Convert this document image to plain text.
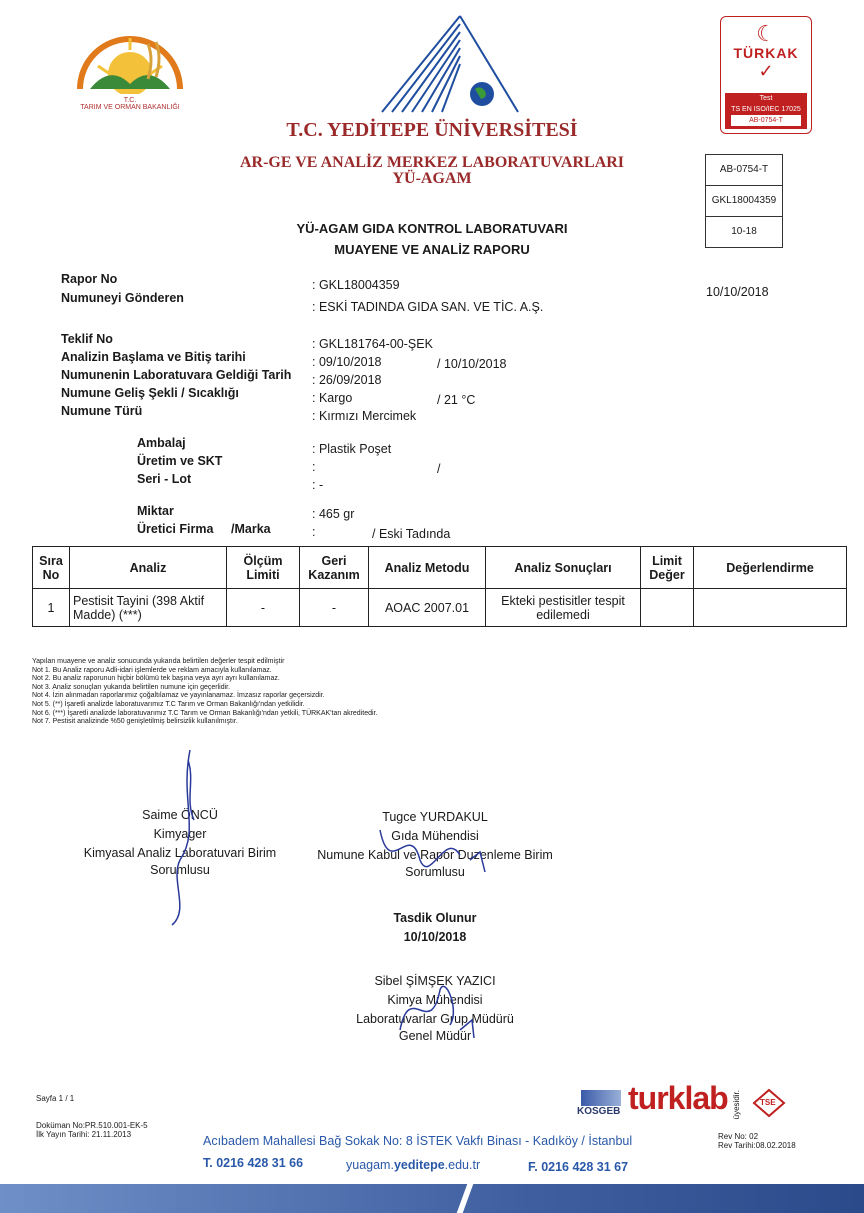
T.C.
TARIM VE ORMAN BAKANLIĞI
☾
TÜRKAK
✓
Test
TS EN ISO/IEC 17025
AB-0754-T
T.C. YEDİTEPE ÜNİVERSİTESİ
AR-GE VE ANALİZ MERKEZ LABORATUVARLARI
YÜ-AGAM
AB-0754-T
GKL18004359
10-18
YÜ-AGAM GIDA KONTROL LABORATUVARI
MUAYENE VE ANALİZ RAPORU
Rapor No	: GKL18004359	10/10/2018
Numuneyi Gönderen
: ESKİ TADINDA GIDA SAN. VE TİC. A.Ş.
Teklif No	: GKL181764-00-ŞEK
Analizin Başlama ve Bitiş tarihi	: 09/10/2018	/ 10/10/2018
Numunenin Laboratuvara Geldiği Tarih : 26/09/2018
Numune Geliş Şekli / Sıcaklığı	: Kargo	/ 21 °C
Numune Türü	: Kırmızı Mercimek
Ambalaj	: Plastik Poşet
Üretim ve SKT	:	/
Seri - Lot	: -
Miktar	: 465 gr
Üretici Firma /Marka	:	/ Eski Tadında
Sıra No	Analiz	Ölçüm Limiti	Geri Kazanım	Analiz Metodu	Analiz Sonuçları	Limit Değer	Değerlendirme
1	Pestisit Tayini (398 Aktif Madde) (***)	-	-	AOAC 2007.01	Ekteki pestisitler tespit edilemedi		
Yapılan muayene ve analiz sonucunda yukarıda belirtilen değerler tespit edilmiştir
Not 1. Bu Analiz raporu Adli-idari işlemlerde ve reklam amacıyla kullanılamaz.
Not 2. Bu analiz raporunun hiçbir bölümü tek başına veya ayrı ayrı kullanılamaz.
Not 3. Analiz sonuçları yukarıda belirtilen numune için geçerlidir.
Not 4. İzin alınmadan raporlarımız çoğaltılamaz ve yayınlanamaz. İmzasız raporlar geçersizdir.
Not 5. (**) İşaretli analizde laboratuvarımız T.C Tarım ve Orman Bakanlığı'ndan yetkilidir.
Not 6. (***) İşaretli analizde laboratuvarımız T.C Tarım ve Orman Bakanlığı'ndan yetkili, TÜRKAK'tan akreditedir.
Not 7. Pestisit analizinde %50 genişletilmiş belirsizlik kullanılmıştır.
Saime ÖNCÜ
Kimyager
Kimyasal Analiz Laboratuvari Birim
Sorumlusu
Tugce YURDAKUL
Gıda Mühendisi
Numune Kabul ve Rapor Duzenleme Birim
Sorumlusu
Tasdik Olunur
10/10/2018
Sibel ŞİMŞEK YAZICI
Kimya Mühendisi
Laboratuvarlar Grup Müdürü
Genel Müdür
Sayfa 1 / 1
Doküman No:PR.510.001-EK-5
İlk Yayın Tarihi: 21.11.2013
KOSGEB turklab üyesidir. TSE
Rev No: 02
Rev Tarihi:08.02.2018
Acıbadem Mahallesi Bağ Sokak No: 8 İSTEK Vakfı Binası - Kadıköy / İstanbul
T. 0216 428 31 66	yuagam.yeditepe.edu.tr	F. 0216 428 31 67
